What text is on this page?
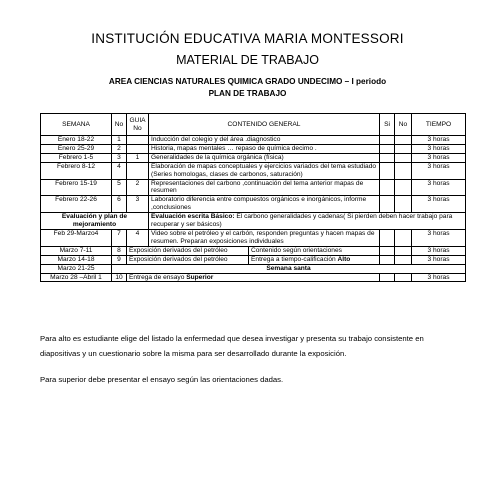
INSTITUCIÓN EDUCATIVA MARIA MONTESSORI
MATERIAL DE TRABAJO
AREA CIENCIAS NATURALES QUIMICA GRADO UNDECIMO – I periodo
PLAN DE TRABAJO
SEMANA	No	GUIA No	CONTENIDO GENERAL		Si	No	TIEMPO
Enero 18-22	1		Inducción del colegio y del área .diagnostico				3 horas
Enero 25-29	2		Historia, mapas mentales … repaso de química decimo .				3 horas
Febrero 1-5	3	1	Generalidades de la química orgánica (física)				3 horas
Febrero 8-12	4		Elaboración de mapas conceptuales y ejercicios variados del tema estudiado (Series homologas, clases de carbonos, saturación)				3 horas
Febrero 15-19	5	2	Representaciones del carbono ,continuación del tema anterior mapas de resumen				3 horas
Febrero 22-26	6	3	Laboratorio diferencia entre compuestos orgánicos e inorgánicos, informe ,conclusiones				3 horas
Evaluación y plan de mejoramiento			Evaluación escrita Básico: El carbono generalidades y cadenas( Si pierden deben hacer trabajo para recuperar y ser básicos)				
Feb 29-Marzo4	7	4	Video sobre el petróleo y el carbón, responden preguntas y hacen mapas de resumen. Preparan exposiciones individuales				3 horas
Marzo 7-11	8	Exposición derivados del petróleo		Contenido según orientaciones			3 horas
Marzo 14-18	9	Exposición derivados del petróleo		Entrega a tiempo-calificación Alto			3 horas
Marzo 21-25	Semana santa						
Marzo 28 –Abril 1	10	Entrega de ensayo Superior					3 horas
Para alto es estudiante elige del listado la enfermedad que desea investigar y presenta su trabajo consistente en
diapositivas y un cuestionario sobre la misma para ser desarrollado durante la exposición.
Para superior debe presentar el ensayo según las orientaciones dadas.
